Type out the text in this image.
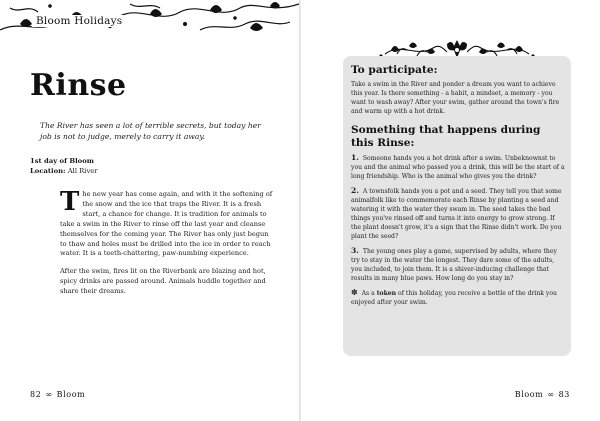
Bloom Holidays
Rinse
The River has seen a lot of terrible secrets, but today her job is not to judge, merely to carry it away.
1st day of Bloom
Location: All River

The new year has come again, and with it the softening of the snow and the ice that traps the River. It is a fresh start, a chance for change. It is tradition for animals to take a swim in the River to rinse off the last year and cleanse themselves for the coming year. The River has only just begun to thaw and holes must be drilled into the ice in order to reach water. It is a teeth-chattering, paw-numbing experience.

After the swim, fires lit on the Riverbank are blazing and hot, spicy drinks are passed around. Animals huddle together and share their dreams.

82 ∞ Bloom
To participate:

Take a swim in the River and ponder a dream you want to achieve this year. Is there something - a habit, a mindset, a memory - you want to wash away? After your swim, gather around the town's fire and warm up with a hot drink.

Something that happens during this Rinse:

1. Someone hands you a hot drink after a swim. Unbeknownst to you and the animal who passed you a drink, this will be the start of a long friendship. Who is the animal who gives you the drink?

2. A townsfolk hands you a pot and a seed. They tell you that some animalfolk like to commemorate each Rinse by planting a seed and watering it with the water they swam in. The seed takes the bad things you've rinsed off and turns it into energy to grow strong. If the plant doesn't grow, it's a sign that the Rinse didn't work. Do you plant the seed?

3. The young ones play a game, supervised by adults, where they try to stay in the water the longest. They dare some of the adults, you included, to join them. It is a shiver-inducing challenge that results in many blue paws. How long do you stay in?

✽ As a token of this holiday, you receive a bottle of the drink you enjoyed after your swim.

Bloom ∞ 83
